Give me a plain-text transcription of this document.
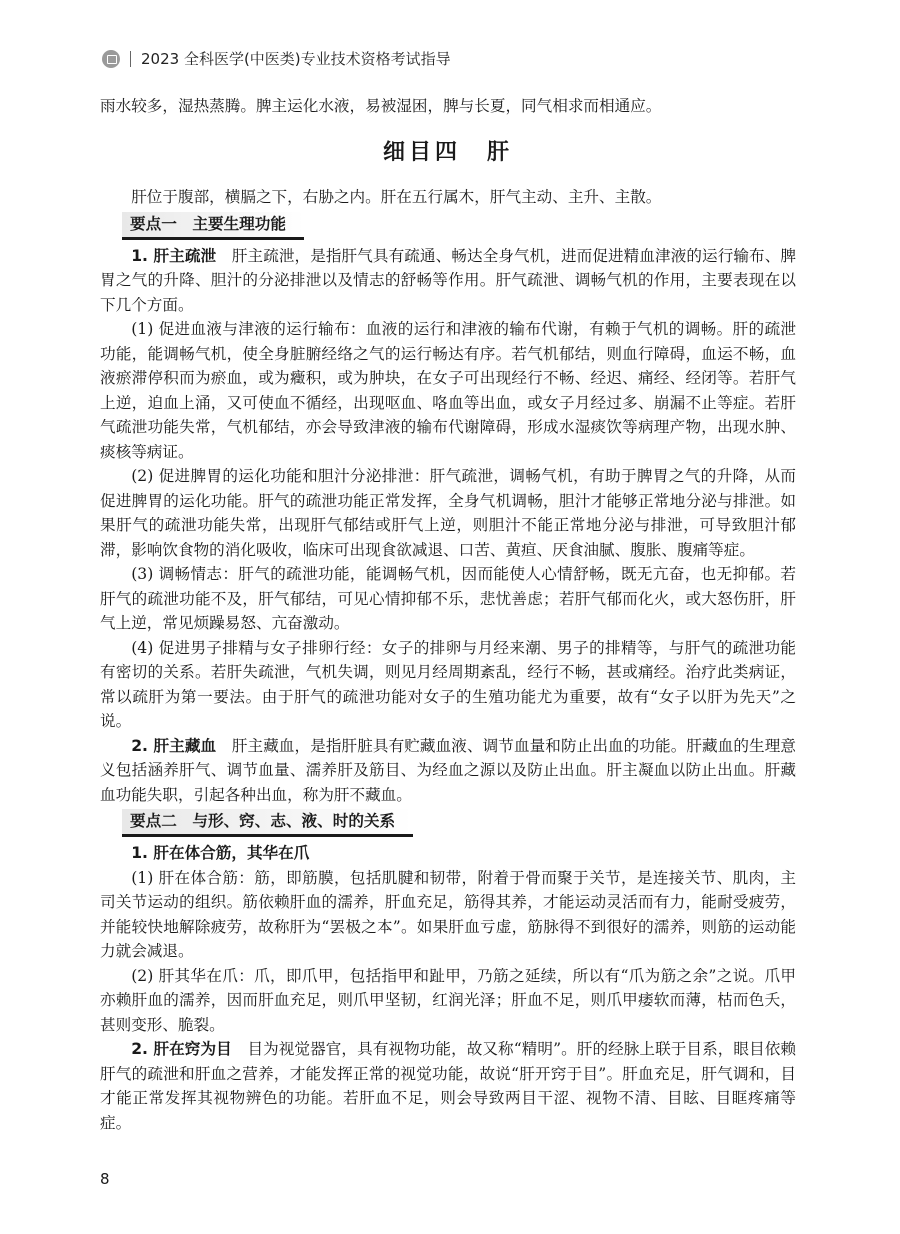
2023 全科医学(中医类)专业技术资格考试指导

雨水较多，湿热蒸腾。脾主运化水液，易被湿困，脾与长夏，同气相求而相通应。

细目四　肝

肝位于腹部，横膈之下，右胁之内。肝在五行属木，肝气主动、主升、主散。

要点一　主要生理功能

1. 肝主疏泄 肝主疏泄，是指肝气具有疏通、畅达全身气机，进而促进精血津液的运行输布、脾胃之气的升降、胆汁的分泌排泄以及情志的舒畅等作用。肝气疏泄、调畅气机的作用，主要表现在以下几个方面。

(1) 促进血液与津液的运行输布：血液的运行和津液的输布代谢，有赖于气机的调畅。肝的疏泄功能，能调畅气机，使全身脏腑经络之气的运行畅达有序。若气机郁结，则血行障碍，血运不畅，血液瘀滞停积而为瘀血，或为癥积，或为肿块，在女子可出现经行不畅、经迟、痛经、经闭等。若肝气上逆，迫血上涌，又可使血不循经，出现呕血、咯血等出血，或女子月经过多、崩漏不止等症。若肝气疏泄功能失常，气机郁结，亦会导致津液的输布代谢障碍，形成水湿痰饮等病理产物，出现水肿、痰核等病证。

(2) 促进脾胃的运化功能和胆汁分泌排泄：肝气疏泄，调畅气机，有助于脾胃之气的升降，从而促进脾胃的运化功能。肝气的疏泄功能正常发挥，全身气机调畅，胆汁才能够正常地分泌与排泄。如果肝气的疏泄功能失常，出现肝气郁结或肝气上逆，则胆汁不能正常地分泌与排泄，可导致胆汁郁滞，影响饮食物的消化吸收，临床可出现食欲减退、口苦、黄疸、厌食油腻、腹胀、腹痛等症。

(3) 调畅情志：肝气的疏泄功能，能调畅气机，因而能使人心情舒畅，既无亢奋，也无抑郁。若肝气的疏泄功能不及，肝气郁结，可见心情抑郁不乐，悲忧善虑；若肝气郁而化火，或大怒伤肝，肝气上逆，常见烦躁易怒、亢奋激动。

(4) 促进男子排精与女子排卵行经：女子的排卵与月经来潮、男子的排精等，与肝气的疏泄功能有密切的关系。若肝失疏泄，气机失调，则见月经周期紊乱，经行不畅，甚或痛经。治疗此类病证，常以疏肝为第一要法。由于肝气的疏泄功能对女子的生殖功能尤为重要，故有“女子以肝为先天”之说。

2. 肝主藏血 肝主藏血，是指肝脏具有贮藏血液、调节血量和防止出血的功能。肝藏血的生理意义包括涵养肝气、调节血量、濡养肝及筋目、为经血之源以及防止出血。肝主凝血以防止出血。肝藏血功能失职，引起各种出血，称为肝不藏血。

要点二　与形、窍、志、液、时的关系

1. 肝在体合筋，其华在爪

(1) 肝在体合筋：筋，即筋膜，包括肌腱和韧带，附着于骨而聚于关节，是连接关节、肌肉，主司关节运动的组织。筋依赖肝血的濡养，肝血充足，筋得其养，才能运动灵活而有力，能耐受疲劳，并能较快地解除疲劳，故称肝为“罢极之本”。如果肝血亏虚，筋脉得不到很好的濡养，则筋的运动能力就会减退。

(2) 肝其华在爪：爪，即爪甲，包括指甲和趾甲，乃筋之延续，所以有“爪为筋之余”之说。爪甲亦赖肝血的濡养，因而肝血充足，则爪甲坚韧，红润光泽；肝血不足，则爪甲痿软而薄，枯而色夭，甚则变形、脆裂。

2. 肝在窍为目 目为视觉器官，具有视物功能，故又称“精明”。肝的经脉上联于目系，眼目依赖肝气的疏泄和肝血之营养，才能发挥正常的视觉功能，故说“肝开窍于目”。肝血充足，肝气调和，目才能正常发挥其视物辨色的功能。若肝血不足，则会导致两目干涩、视物不清、目眩、目眶疼痛等症。

8
